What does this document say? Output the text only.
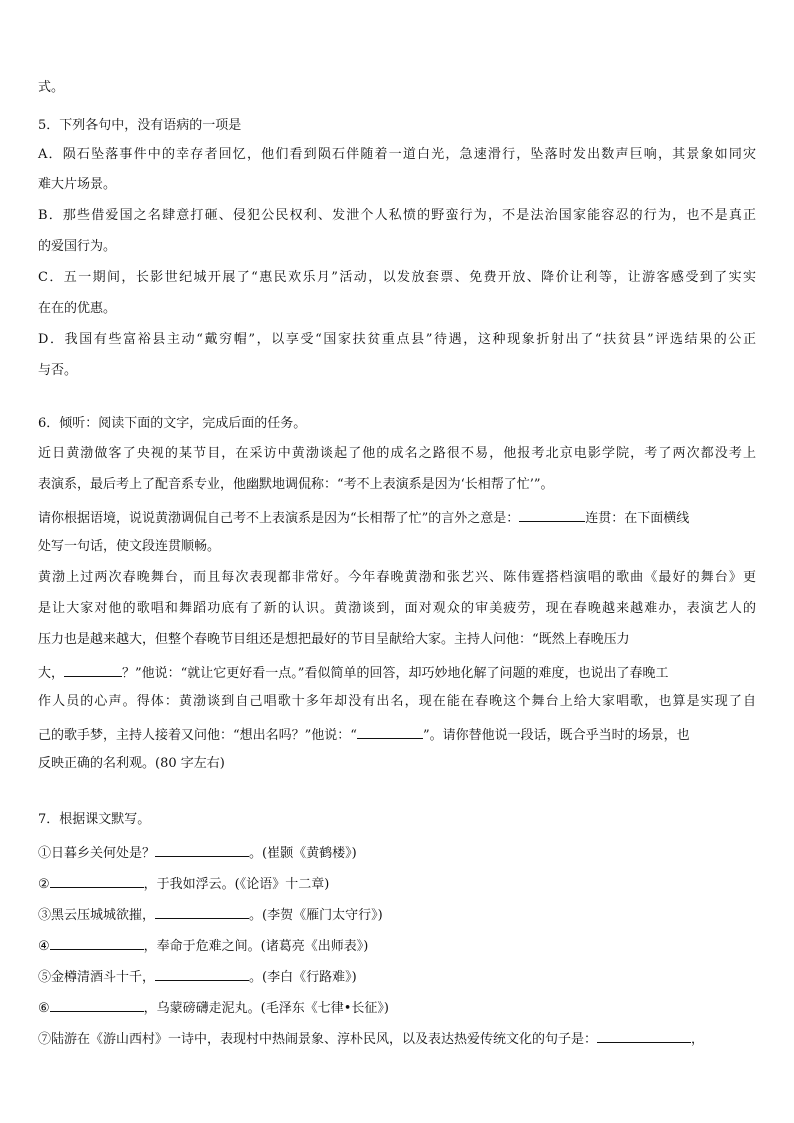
式。
5．下列各句中，没有语病的一项是
A．陨石坠落事件中的幸存者回忆，他们看到陨石伴随着一道白光，急速滑行，坠落时发出数声巨响，其景象如同灾
难大片场景。
B．那些借爱国之名肆意打砸、侵犯公民权利、发泄个人私愤的野蛮行为，不是法治国家能容忍的行为，也不是真正
的爱国行为。
C．五一期间，长影世纪城开展了“惠民欢乐月”活动，以发放套票、免费开放、降价让利等，让游客感受到了实实
在在的优惠。
D．我国有些富裕县主动“戴穷帽”，以享受“国家扶贫重点县”待遇，这种现象折射出了“扶贫县”评选结果的公正
与否。
6．倾听：阅读下面的文字，完成后面的任务。
近日黄渤做客了央视的某节目，在采访中黄渤谈起了他的成名之路很不易，他报考北京电影学院，考了两次都没考上
表演系，最后考上了配音系专业，他幽默地调侃称：“考不上表演系是因为‘长相帮了忙’”。
请你根据语境，说说黄渤调侃自己考不上表演系是因为“长相帮了忙”的言外之意是：	连贯：在下面横线
处写一句话，使文段连贯顺畅。
黄渤上过两次春晚舞台，而且每次表现都非常好。今年春晚黄渤和张艺兴、陈伟霆搭档演唱的歌曲《最好的舞台》更
是让大家对他的歌唱和舞蹈功底有了新的认识。黄渤谈到，面对观众的审美疲劳，现在春晚越来越难办，表演艺人的
压力也是越来越大，但整个春晚节目组还是想把最好的节目呈献给大家。主持人问他：“既然上春晚压力
大，	？”他说：“就让它更好看一点。”看似简单的回答，却巧妙地化解了问题的难度，也说出了春晚工
作人员的心声。得体：黄渤谈到自己唱歌十多年却没有出名，现在能在春晚这个舞台上给大家唱歌，也算是实现了自
己的歌手梦，主持人接着又问他：“想出名吗？”他说：“	”。请你替他说一段话，既合乎当时的场景，也
反映正确的名利观。(80 字左右)
7．根据课文默写。
①日暮乡关何处是？	。(崔颢《黄鹤楼》)
②	，于我如浮云。(《论语》十二章)
③黑云压城城欲摧，	。(李贺《雁门太守行》)
④	，奉命于危难之间。(诸葛亮《出师表》)
⑤金樽清酒斗十千，	。(李白《行路难》)
⑥	，乌蒙磅礴走泥丸。(毛泽东《七律•长征》)
⑦陆游在《游山西村》一诗中，表现村中热闹景象、淳朴民风，以及表达热爱传统文化的句子是：	，
